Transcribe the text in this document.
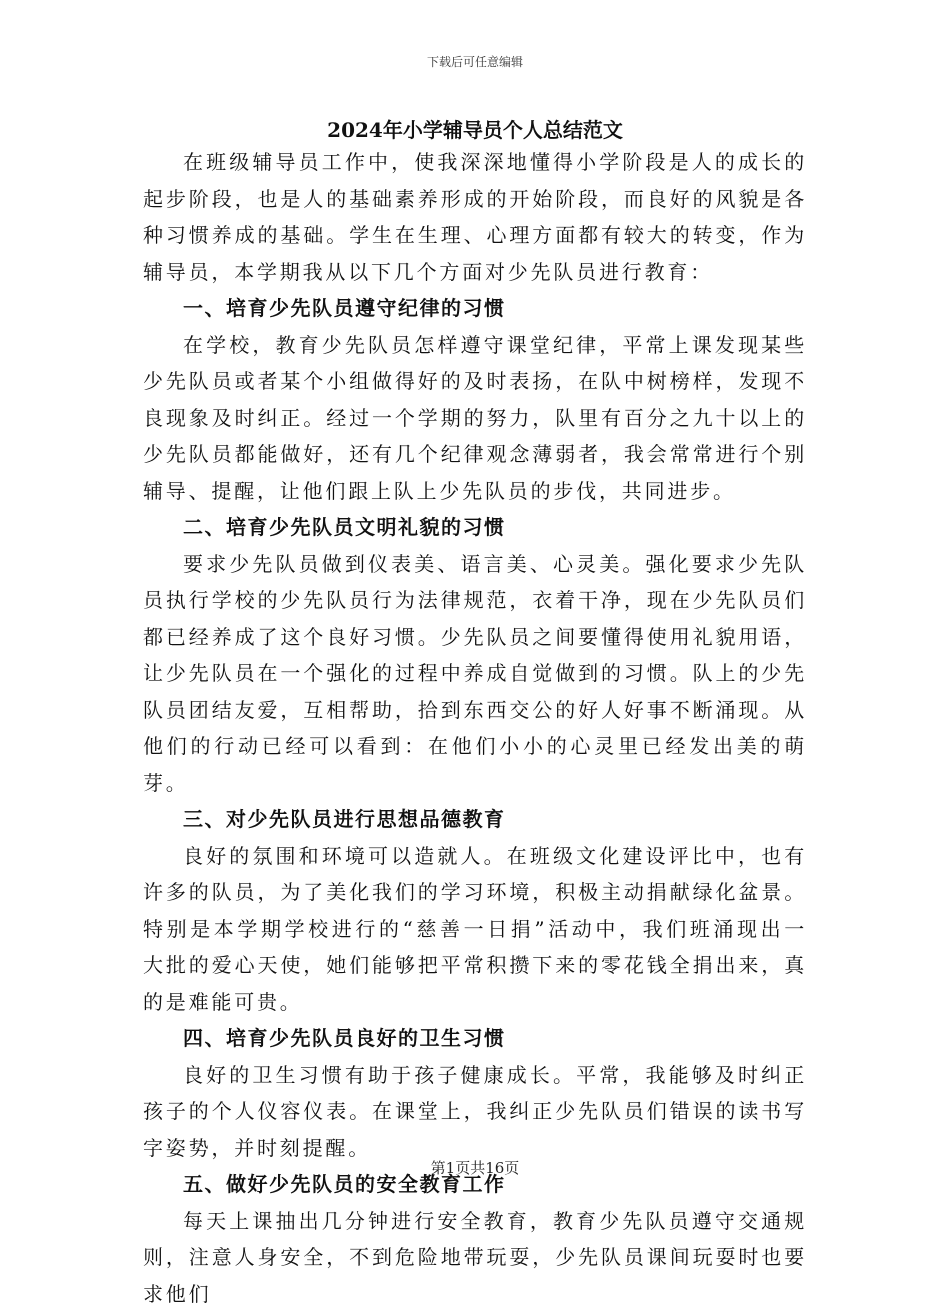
下载后可任意编辑
2024年小学辅导员个人总结范文

在班级辅导员工作中，使我深深地懂得小学阶段是人的成长的起步阶段，也是人的基础素养形成的开始阶段，而良好的风貌是各种习惯养成的基础。学生在生理、心理方面都有较大的转变，作为辅导员，本学期我从以下几个方面对少先队员进行教育：

一、培育少先队员遵守纪律的习惯

在学校，教育少先队员怎样遵守课堂纪律，平常上课发现某些少先队员或者某个小组做得好的及时表扬，在队中树榜样，发现不良现象及时纠正。经过一个学期的努力，队里有百分之九十以上的少先队员都能做好，还有几个纪律观念薄弱者，我会常常进行个别辅导、提醒，让他们跟上队上少先队员的步伐，共同进步。

二、培育少先队员文明礼貌的习惯

要求少先队员做到仪表美、语言美、心灵美。强化要求少先队员执行学校的少先队员行为法律规范，衣着干净，现在少先队员们都已经养成了这个良好习惯。少先队员之间要懂得使用礼貌用语，让少先队员在一个强化的过程中养成自觉做到的习惯。队上的少先队员团结友爱，互相帮助，拾到东西交公的好人好事不断涌现。从他们的行动已经可以看到：在他们小小的心灵里已经发出美的萌芽。

三、对少先队员进行思想品德教育

良好的氛围和环境可以造就人。在班级文化建设评比中，也有许多的队员，为了美化我们的学习环境，积极主动捐献绿化盆景。特别是本学期学校进行的“慈善一日捐”活动中，我们班涌现出一大批的爱心天使，她们能够把平常积攒下来的零花钱全捐出来，真的是难能可贵。

四、培育少先队员良好的卫生习惯

良好的卫生习惯有助于孩子健康成长。平常，我能够及时纠正孩子的个人仪容仪表。在课堂上，我纠正少先队员们错误的读书写字姿势，并时刻提醒。

五、做好少先队员的安全教育工作

每天上课抽出几分钟进行安全教育，教育少先队员遵守交通规则，注意人身安全，不到危险地带玩耍，少先队员课间玩耍时也要求他们

第1页共16页
